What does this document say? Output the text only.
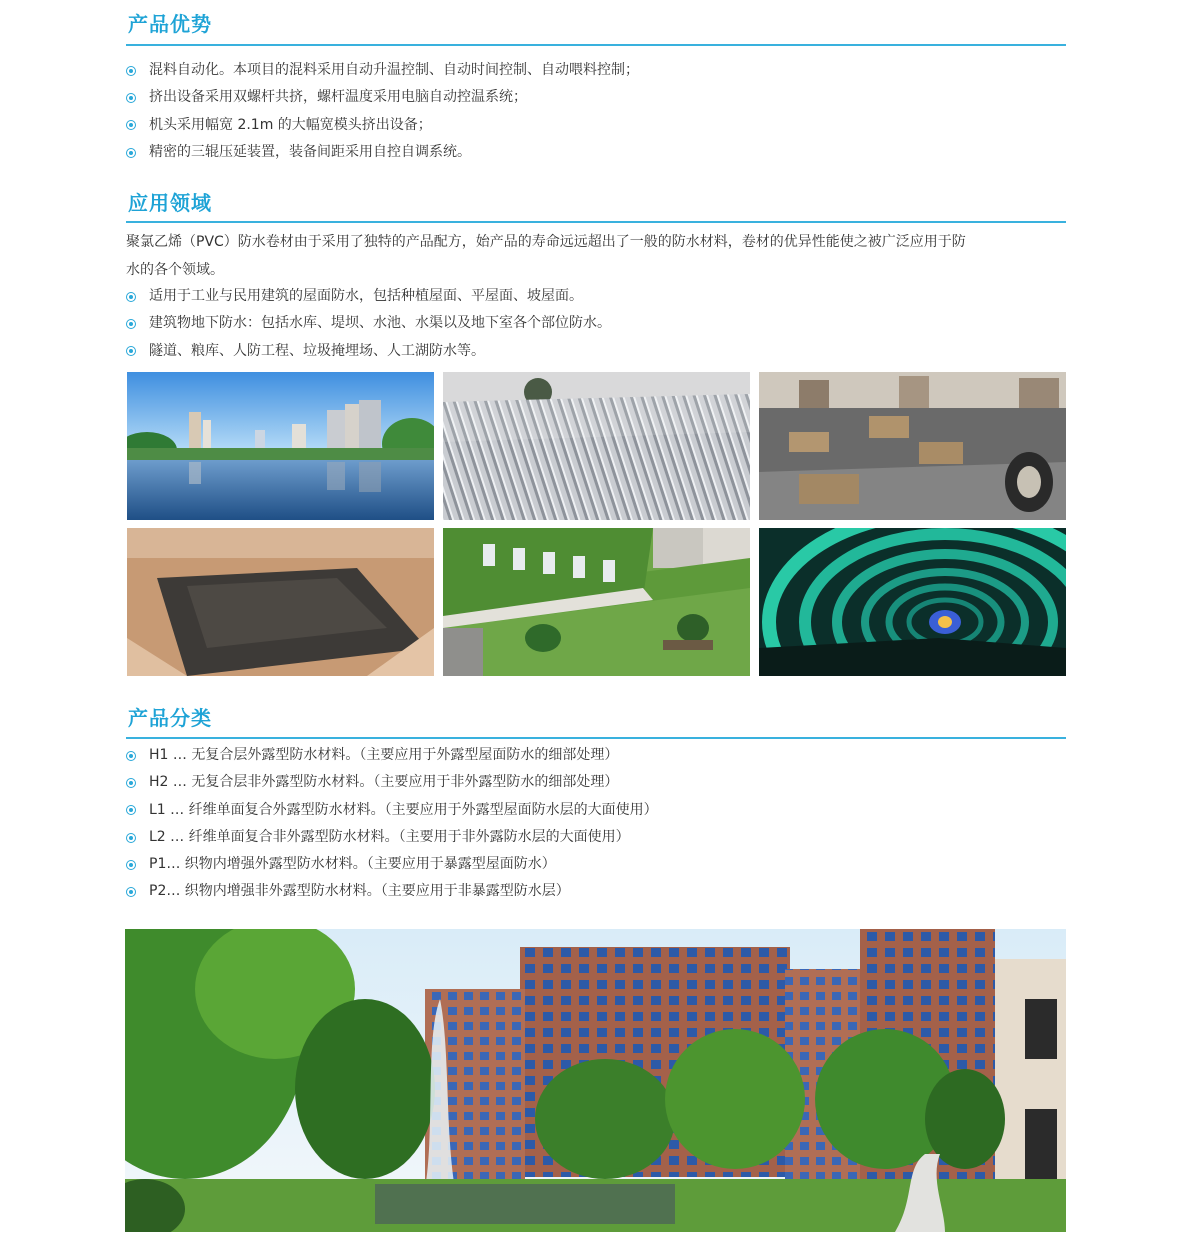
产品优势
混料自动化。本项目的混料采用自动升温控制、自动时间控制、自动喂料控制；
挤出设备采用双螺杆共挤，螺杆温度采用电脑自动控温系统；
机头采用幅宽 2.1m 的大幅宽模头挤出设备；
精密的三辊压延装置，装备间距采用自控自调系统。
应用领域

聚氯乙烯（PVC）防水卷材由于采用了独特的产品配方，始产品的寿命远远超出了一般的防水材料，卷材的优异性能使之被广泛应用于防
水的各个领域。

适用于工业与民用建筑的屋面防水，包括种植屋面、平屋面、坡屋面。
建筑物地下防水：包括水库、堤坝、水池、水渠以及地下室各个部位防水。
隧道、粮库、人防工程、垃圾掩埋场、人工湖防水等。
产品分类
H1 … 无复合层外露型防水材料。（主要应用于外露型屋面防水的细部处理）
H2 … 无复合层非外露型防水材料。（主要应用于非外露型防水的细部处理）
L1 … 纤维单面复合外露型防水材料。（主要应用于外露型屋面防水层的大面使用）
L2 … 纤维单面复合非外露型防水材料。（主要用于非外露防水层的大面使用）
P1… 织物内增强外露型防水材料。（主要应用于暴露型屋面防水）
P2… 织物内增强非外露型防水材料。（主要应用于非暴露型防水层）
